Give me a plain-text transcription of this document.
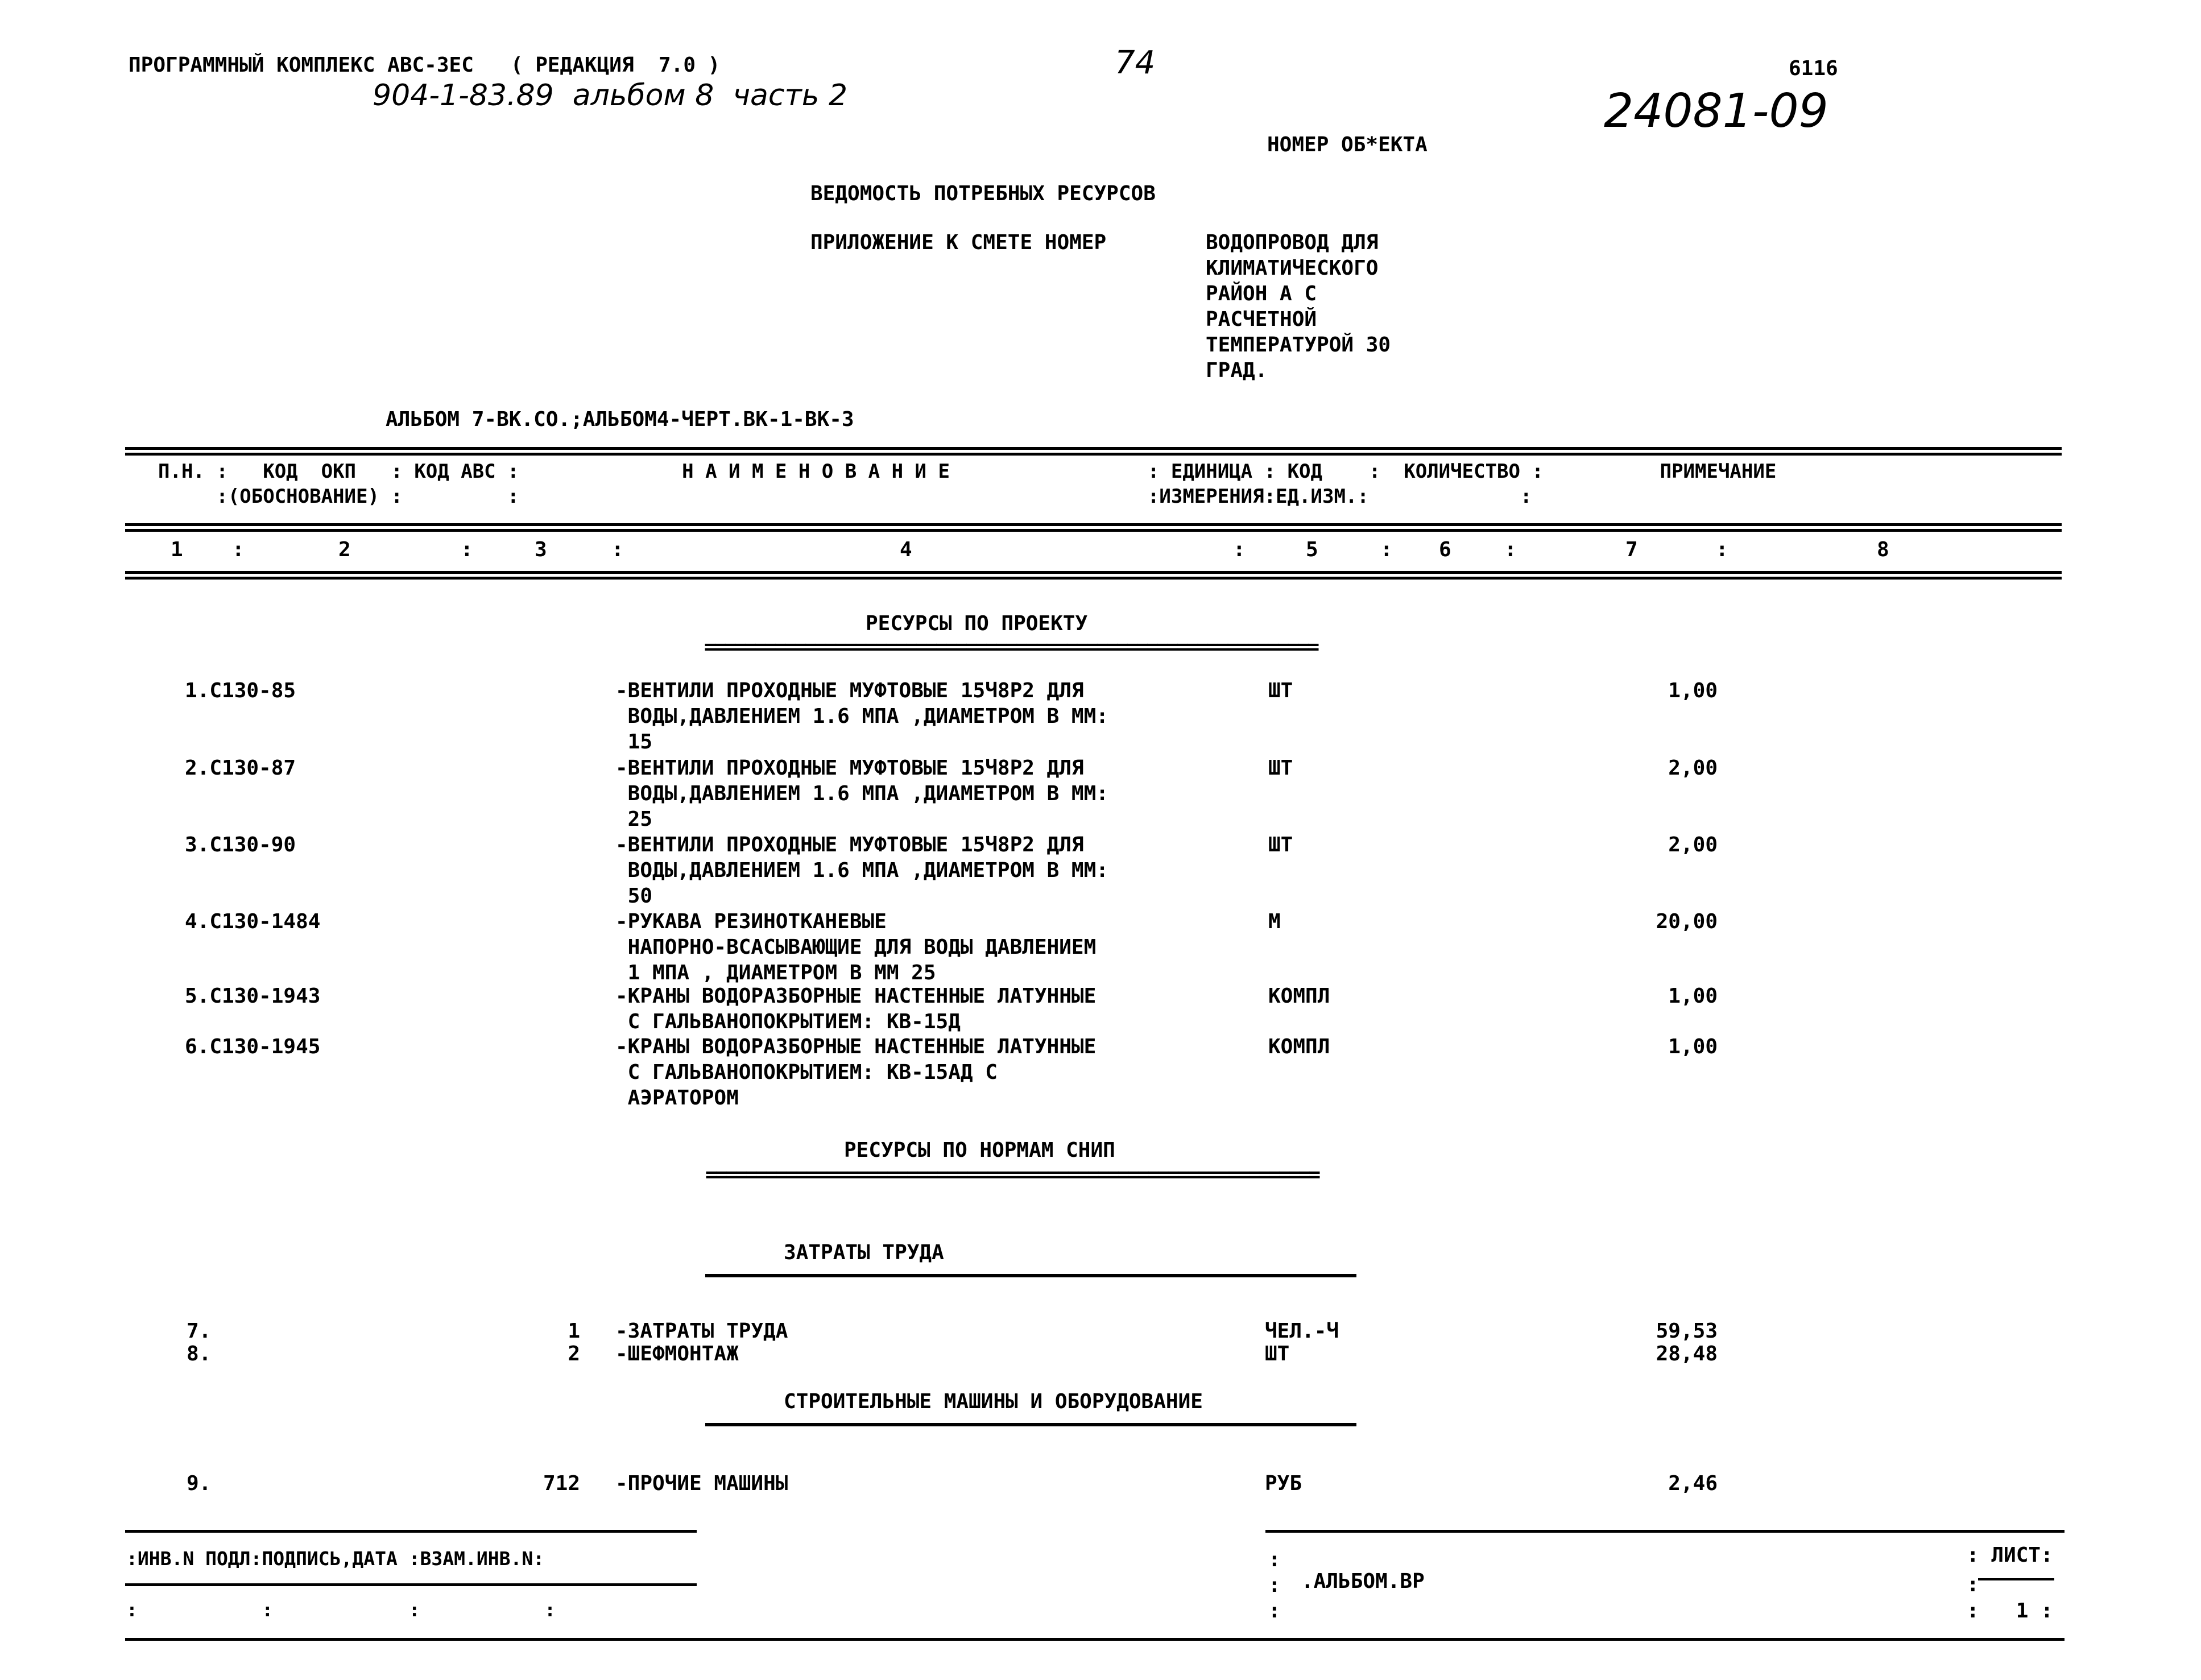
ПРОГРАММНЫЙ КОМПЛЕКС АВС-3ЕС   ( РЕДАКЦИЯ  7.0 )
904-1-83.89  альбом 8  часть 2
74	6116
24081-09
НОМЕР ОБ*ЕКТА
ВЕДОМОСТЬ ПОТРЕБНЫХ РЕСУРСОВ
ПРИЛОЖЕНИЕ К СМЕТЕ НОМЕР	ВОДОПРОВОД ДЛЯ
КЛИМАТИЧЕСКОГО
РАЙОН А С
РАСЧЕТНОЙ
ТЕМПЕРАТУРОЙ 30
ГРАД.
АЛЬБОМ 7-ВК.СО.;АЛЬБОМ4-ЧЕРТ.ВК-1-ВК-3
П.Н. :   КОД  ОКП   : КОД АВС :              Н А И М Е Н О В А Н И Е                 : ЕДИНИЦА : КОД    :  КОЛИЧЕСТВО :          ПРИМЕЧАНИЕ
:(ОБОСНОВАНИЕ) :         :                                                      :ИЗМЕРЕНИЯ:ЕД.ИЗМ.:             :
1 :	2	:	3	:	4	:	5	: 6	:	7	:	8
РЕСУРСЫ ПО ПРОЕКТУ
=============================================================
1.С130-85	-ВЕНТИЛИ ПРОХОДНЫЕ МУФТОВЫЕ 15Ч8Р2 ДЛЯ
ВОДЫ,ДАВЛЕНИЕМ 1.6 МПА ,ДИАМЕТРОМ В ММ:
15
ШТ	1,00
2.С130-87	-ВЕНТИЛИ ПРОХОДНЫЕ МУФТОВЫЕ 15Ч8Р2 ДЛЯ
ВОДЫ,ДАВЛЕНИЕМ 1.6 МПА ,ДИАМЕТРОМ В ММ:
25
ШТ	2,00
3.С130-90	-ВЕНТИЛИ ПРОХОДНЫЕ МУФТОВЫЕ 15Ч8Р2 ДЛЯ
ВОДЫ,ДАВЛЕНИЕМ 1.6 МПА ,ДИАМЕТРОМ В ММ:
50
ШТ	2,00
4.С130-1484	-РУКАВА РЕЗИНОТКАНЕВЫЕ
НАПОРНО-ВСАСЫВАЮЩИЕ ДЛЯ ВОДЫ ДАВЛЕНИЕМ
1 МПА , ДИАМЕТРОМ В ММ 25
М	20,00
5.С130-1943	-КРАНЫ ВОДОРАЗБОРНЫЕ НАСТЕННЫЕ ЛАТУННЫЕ
С ГАЛЬВАНОПОКРЫТИЕМ: КВ-15Д
КОМПЛ	1,00
6.С130-1945	-КРАНЫ ВОДОРАЗБОРНЫЕ НАСТЕННЫЕ ЛАТУННЫЕ
С ГАЛЬВАНОПОКРЫТИЕМ: КВ-15АД С
АЭРАТОРОМ
КОМПЛ	1,00
РЕСУРСЫ ПО НОРМАМ СНИП
=============================================================
ЗАТРАТЫ ТРУДА
7.	1 -ЗАТРАТЫ ТРУДА	ЧЕЛ.-Ч	59,53
8.	2 -ШЕФМОНТАЖ	ШТ	28,48
СТРОИТЕЛЬНЫЕ МАШИНЫ И ОБОРУДОВАНИЕ
9.	712 -ПРОЧИЕ МАШИНЫ	РУБ	2,46
:ИНВ.N ПОДЛ:ПОДПИСЬ,ДАТА :ВЗАМ.ИНВ.N:
:           :            :           :
:
:
:
.АЛЬБОМ.ВР
: ЛИСТ:
:
:   1 :
